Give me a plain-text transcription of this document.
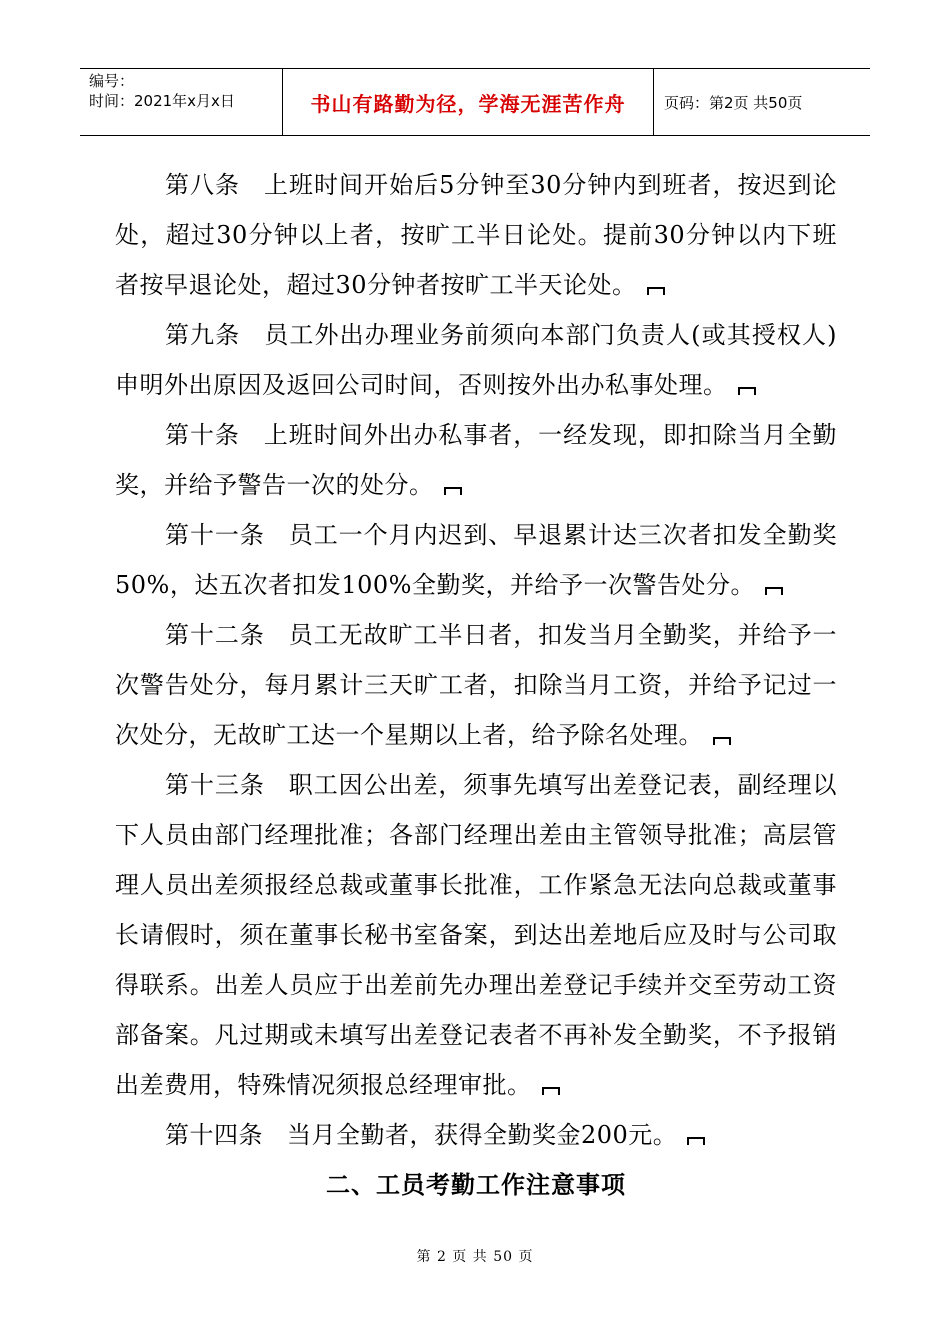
编号：
时间：2021年x月x日	书山有路勤为径，学海无涯苦作舟	页码：第2页 共50页

第八条 上班时间开始后5分钟至30分钟内到班者，按迟到论处，超过30分钟以上者，按旷工半日论处。提前30分钟以内下班者按早退论处，超过30分钟者按旷工半天论处。

第九条 员工外出办理业务前须向本部门负责人(或其授权人)申明外出原因及返回公司时间，否则按外出办私事处理。

第十条 上班时间外出办私事者，一经发现，即扣除当月全勤奖，并给予警告一次的处分。

第十一条 员工一个月内迟到、早退累计达三次者扣发全勤奖50%，达五次者扣发100%全勤奖，并给予一次警告处分。

第十二条 员工无故旷工半日者，扣发当月全勤奖，并给予一次警告处分，每月累计三天旷工者，扣除当月工资，并给予记过一次处分，无故旷工达一个星期以上者，给予除名处理。

第十三条 职工因公出差，须事先填写出差登记表，副经理以下人员由部门经理批准；各部门经理出差由主管领导批准；高层管理人员出差须报经总裁或董事长批准，工作紧急无法向总裁或董事长请假时，须在董事长秘书室备案，到达出差地后应及时与公司取得联系。出差人员应于出差前先办理出差登记手续并交至劳动工资部备案。凡过期或未填写出差登记表者不再补发全勤奖，不予报销出差费用，特殊情况须报总经理审批。

第十四条 当月全勤者，获得全勤奖金200元。

二、工员考勤工作注意事项
第 2 页 共 50 页
